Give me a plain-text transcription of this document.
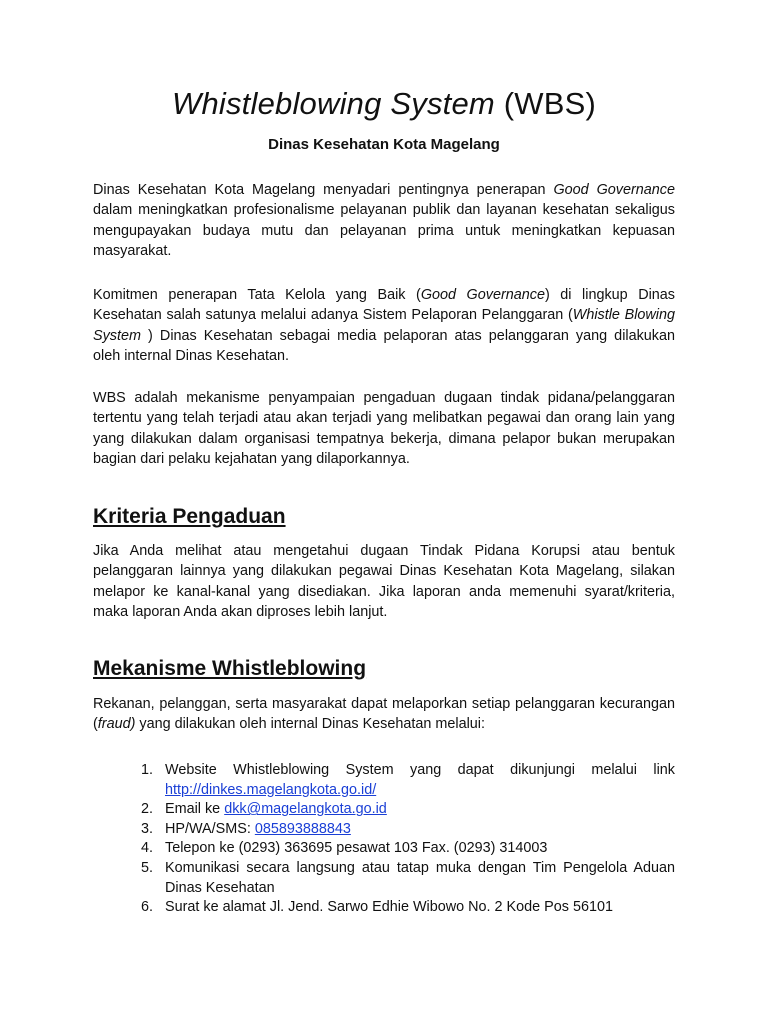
Whistleblowing System (WBS)

Dinas Kesehatan Kota Magelang

Dinas Kesehatan Kota Magelang menyadari pentingnya penerapan Good Governance dalam meningkatkan profesionalisme pelayanan publik dan layanan kesehatan sekaligus mengupayakan budaya mutu dan pelayanan prima untuk meningkatkan kepuasan masyarakat.

Komitmen penerapan Tata Kelola yang Baik (Good Governance) di lingkup Dinas Kesehatan salah satunya melalui adanya Sistem Pelaporan Pelanggaran (Whistle Blowing System ) Dinas Kesehatan sebagai media pelaporan atas pelanggaran yang dilakukan oleh internal Dinas Kesehatan.

WBS adalah mekanisme penyampaian pengaduan dugaan tindak pidana/pelanggaran tertentu yang telah terjadi atau akan terjadi yang melibatkan pegawai dan orang lain yang yang dilakukan dalam organisasi tempatnya bekerja, dimana pelapor bukan merupakan bagian dari pelaku kejahatan yang dilaporkannya.

Kriteria Pengaduan

Jika Anda melihat atau mengetahui dugaan Tindak Pidana Korupsi atau bentuk pelanggaran lainnya yang dilakukan pegawai Dinas Kesehatan Kota Magelang, silakan melapor ke kanal-kanal yang disediakan. Jika laporan anda memenuhi syarat/kriteria, maka laporan Anda akan diproses lebih lanjut.

Mekanisme Whistleblowing

Rekanan, pelanggan, serta masyarakat dapat melaporkan setiap pelanggaran kecurangan (fraud) yang dilakukan oleh internal Dinas Kesehatan melalui:

1. Website Whistleblowing System yang dapat dikunjungi melalui link http://dinkes.magelangkota.go.id/
2. Email ke dkk@magelangkota.go.id
3. HP/WA/SMS: 085893888843
4. Telepon ke (0293) 363695 pesawat 103 Fax. (0293) 314003
5. Komunikasi secara langsung atau tatap muka dengan Tim Pengelola Aduan Dinas Kesehatan
6. Surat ke alamat Jl. Jend. Sarwo Edhie Wibowo No. 2 Kode Pos 56101
